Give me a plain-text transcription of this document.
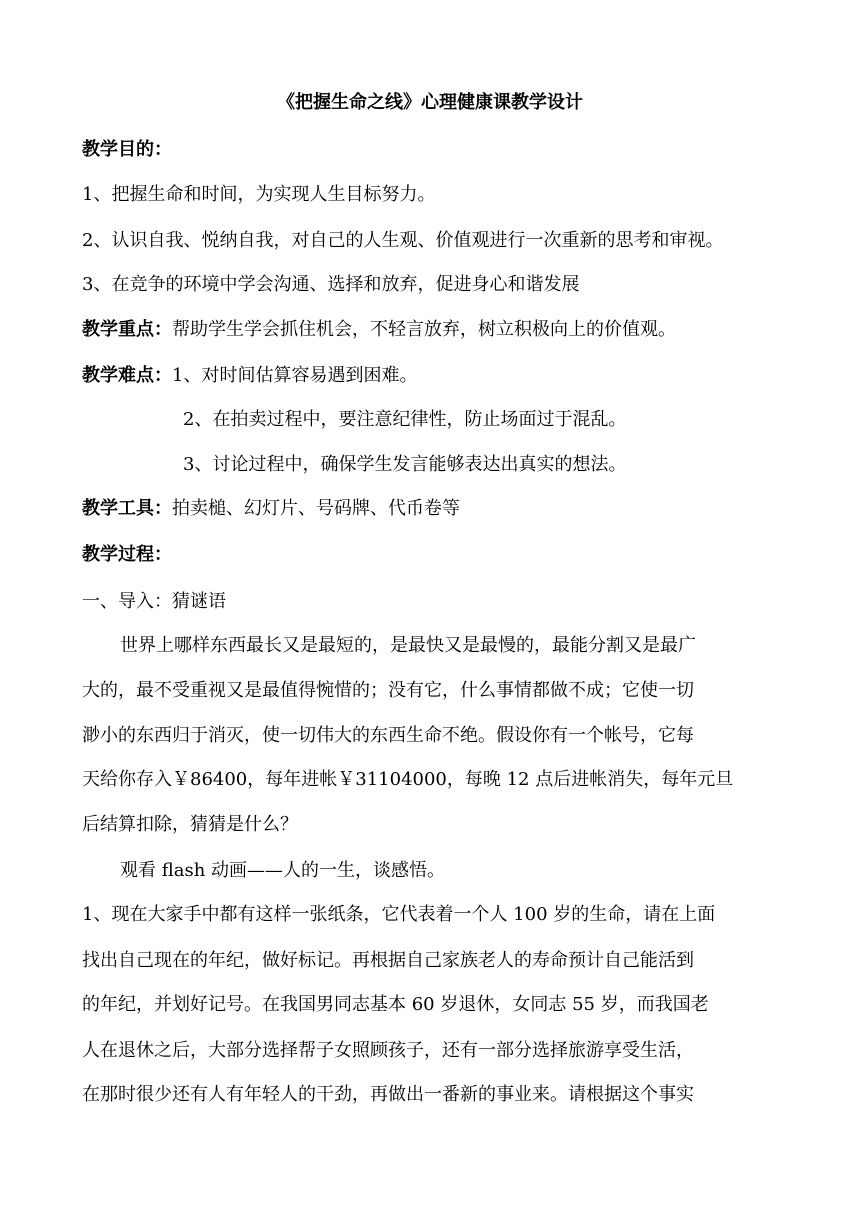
《把握生命之线》心理健康课教学设计
教学目的：
1、把握生命和时间，为实现人生目标努力。
2、认识自我、悦纳自我，对自己的人生观、价值观进行一次重新的思考和审视。
3、在竞争的环境中学会沟通、选择和放弃，促进身心和谐发展
教学重点：帮助学生学会抓住机会，不轻言放弃，树立积极向上的价值观。
教学难点：1、对时间估算容易遇到困难。
2、在拍卖过程中，要注意纪律性，防止场面过于混乱。
3、讨论过程中，确保学生发言能够表达出真实的想法。
教学工具：拍卖槌、幻灯片、号码牌、代币卷等
教学过程：
一、导入：猜谜语
世界上哪样东西最长又是最短的，是最快又是最慢的，最能分割又是最广
大的，最不受重视又是最值得惋惜的；没有它，什么事情都做不成；它使一切
渺小的东西归于消灭，使一切伟大的东西生命不绝。假设你有一个帐号，它每
天给你存入￥86400，每年进帐￥31104000，每晚 12 点后进帐消失，每年元旦
后结算扣除，猜猜是什么？
观看 flash 动画——人的一生，谈感悟。
1、现在大家手中都有这样一张纸条，它代表着一个人 100 岁的生命，请在上面
找出自己现在的年纪，做好标记。再根据自己家族老人的寿命预计自己能活到
的年纪，并划好记号。在我国男同志基本 60 岁退休，女同志 55 岁，而我国老
人在退休之后，大部分选择帮子女照顾孩子，还有一部分选择旅游享受生活，
在那时很少还有人有年轻人的干劲，再做出一番新的事业来。请根据这个事实
